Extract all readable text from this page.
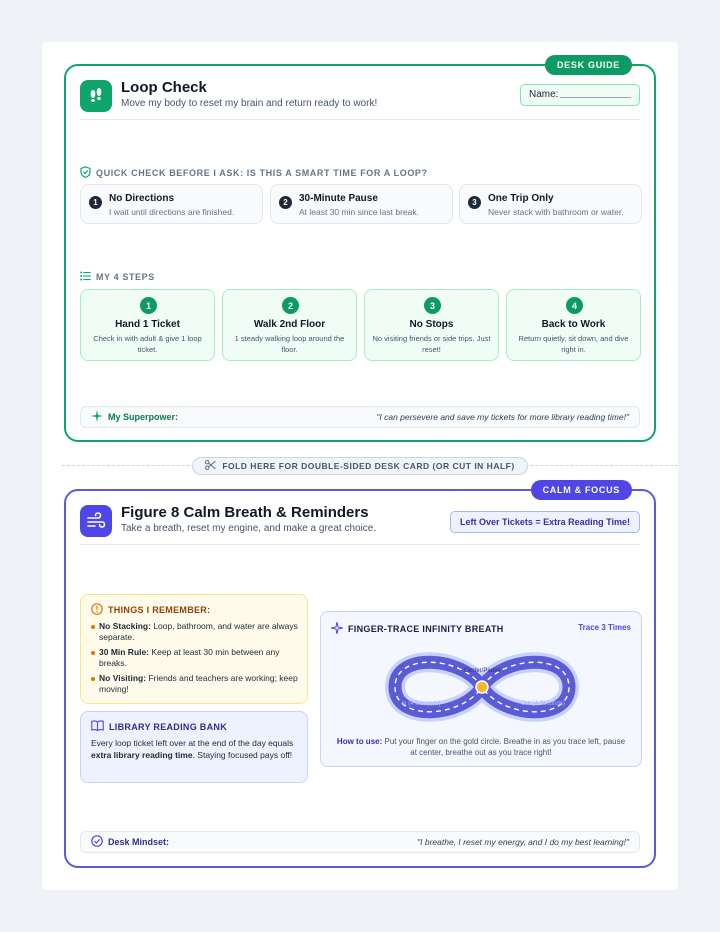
DESK GUIDE
Loop Check
Move my body to reset my brain and return ready to work!
Name:
QUICK CHECK BEFORE I ASK: IS THIS A SMART TIME FOR A LOOP?
1	No Directions
I wait until directions are finished.
2	30-Minute Pause
At least 30 min since last break.
3	One Trip Only
Never stack with bathroom or water.
MY 4 STEPS
1
Hand 1 Ticket
Check in with adult & give 1 loop ticket.
2
Walk 2nd Floor
1 steady walking loop around the floor.
3
No Stops
No visiting friends or side trips. Just reset!
4
Back to Work
Return quietly, sit down, and dive right in.
My Superpower:	"I can persevere and save my tickets for more library reading time!"
FOLD HERE FOR DOUBLE-SIDED DESK CARD (OR CUT IN HALF)
CALM & FOCUS
Figure 8 Calm Breath & Reminders
Take a breath, reset my engine, and make a great choice.
Left Over Tickets = Extra Reading Time!
THINGS I REMEMBER:
No Stacking: Loop, bathroom, and water are always separate.
30 Min Rule: Keep at least 30 min between any breaks.
No Visiting: Friends and teachers are working; keep moving!
LIBRARY READING BANK
Every loop ticket left over at the end of the day equals extra library reading time. Staying focused pays off!
FINGER-TRACE INFINITY BREATH	Trace 3 Times
Center/Pause
In (4 Seconds)	Out (4 Seconds)
How to use: Put your finger on the gold circle. Breathe in as you trace left, pause at center, breathe out as you trace right!
Desk Mindset:	"I breathe, I reset my energy, and I do my best learning!"
